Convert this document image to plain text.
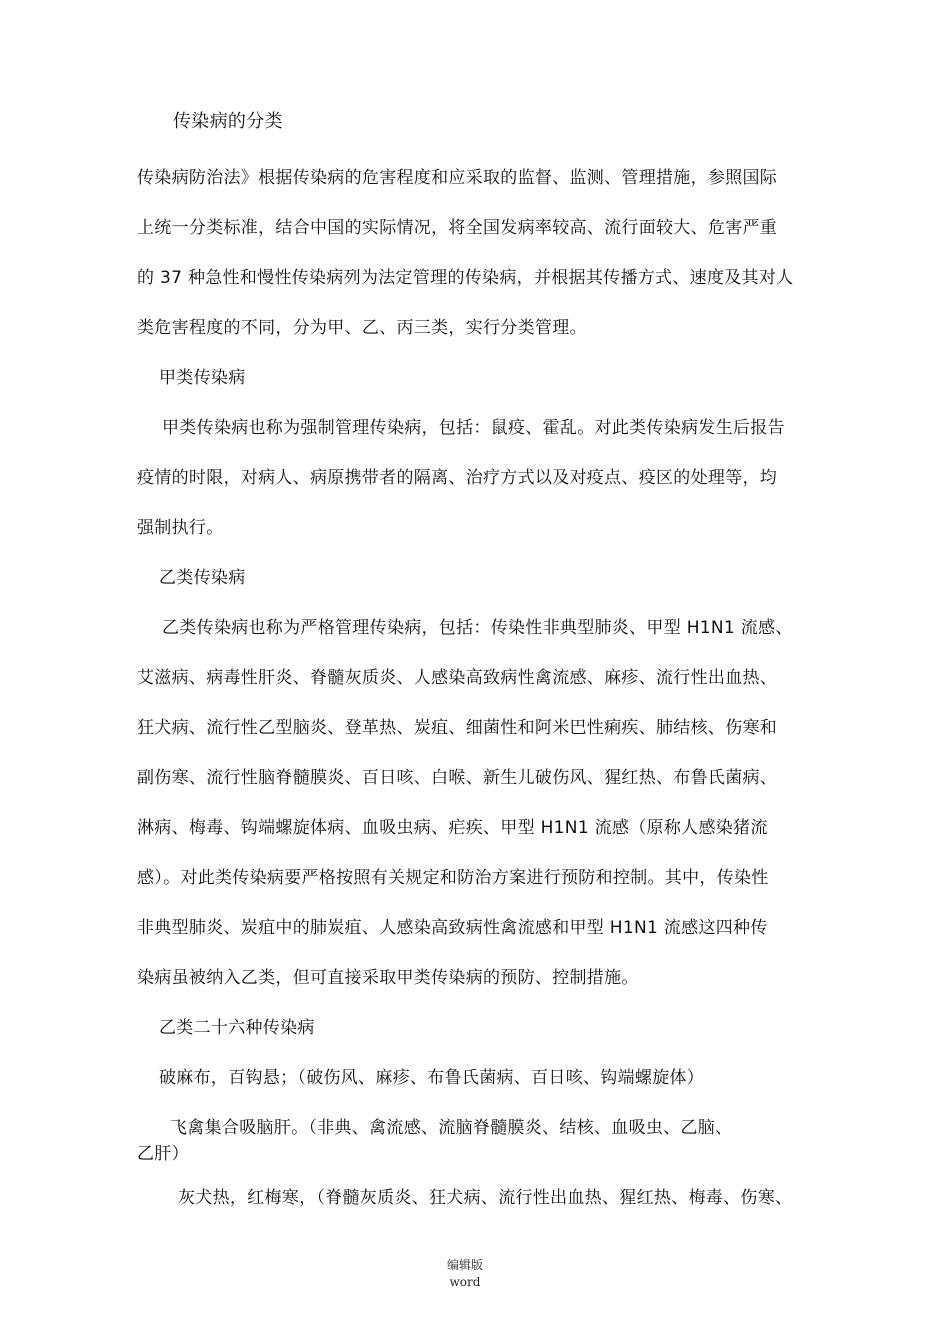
传染病的分类
传染病防治法》根据传染病的危害程度和应采取的监督、监测、管理措施，参照国际
上统一分类标准，结合中国的实际情况，将全国发病率较高、流行面较大、危害严重
的 37 种急性和慢性传染病列为法定管理的传染病，并根据其传播方式、速度及其对人
类危害程度的不同，分为甲、乙、丙三类，实行分类管理。
甲类传染病
甲类传染病也称为强制管理传染病，包括：鼠疫、霍乱。对此类传染病发生后报告
疫情的时限，对病人、病原携带者的隔离、治疗方式以及对疫点、疫区的处理等，均
强制执行。
乙类传染病
乙类传染病也称为严格管理传染病，包括：传染性非典型肺炎、甲型 H1N1 流感、
艾滋病、病毒性肝炎、脊髓灰质炎、人感染高致病性禽流感、麻疹、流行性出血热、
狂犬病、流行性乙型脑炎、登革热、炭疽、细菌性和阿米巴性痢疾、肺结核、伤寒和
副伤寒、流行性脑脊髓膜炎、百日咳、白喉、新生儿破伤风、猩红热、布鲁氏菌病、
淋病、梅毒、钩端螺旋体病、血吸虫病、疟疾、甲型 H1N1 流感（原称人感染猪流
感）。对此类传染病要严格按照有关规定和防治方案进行预防和控制。其中，传染性
非典型肺炎、炭疽中的肺炭疽、人感染高致病性禽流感和甲型 H1N1 流感这四种传
染病虽被纳入乙类，但可直接采取甲类传染病的预防、控制措施。
乙类二十六种传染病
破麻布，百钩悬；（破伤风、麻疹、布鲁氏菌病、百日咳、钩端螺旋体）
飞禽集合吸脑肝。（非典、禽流感、流脑脊髓膜炎、结核、血吸虫、乙脑、
乙肝）
灰犬热，红梅寒，（脊髓灰质炎、狂犬病、流行性出血热、猩红热、梅毒、伤寒、
编辑版
word
